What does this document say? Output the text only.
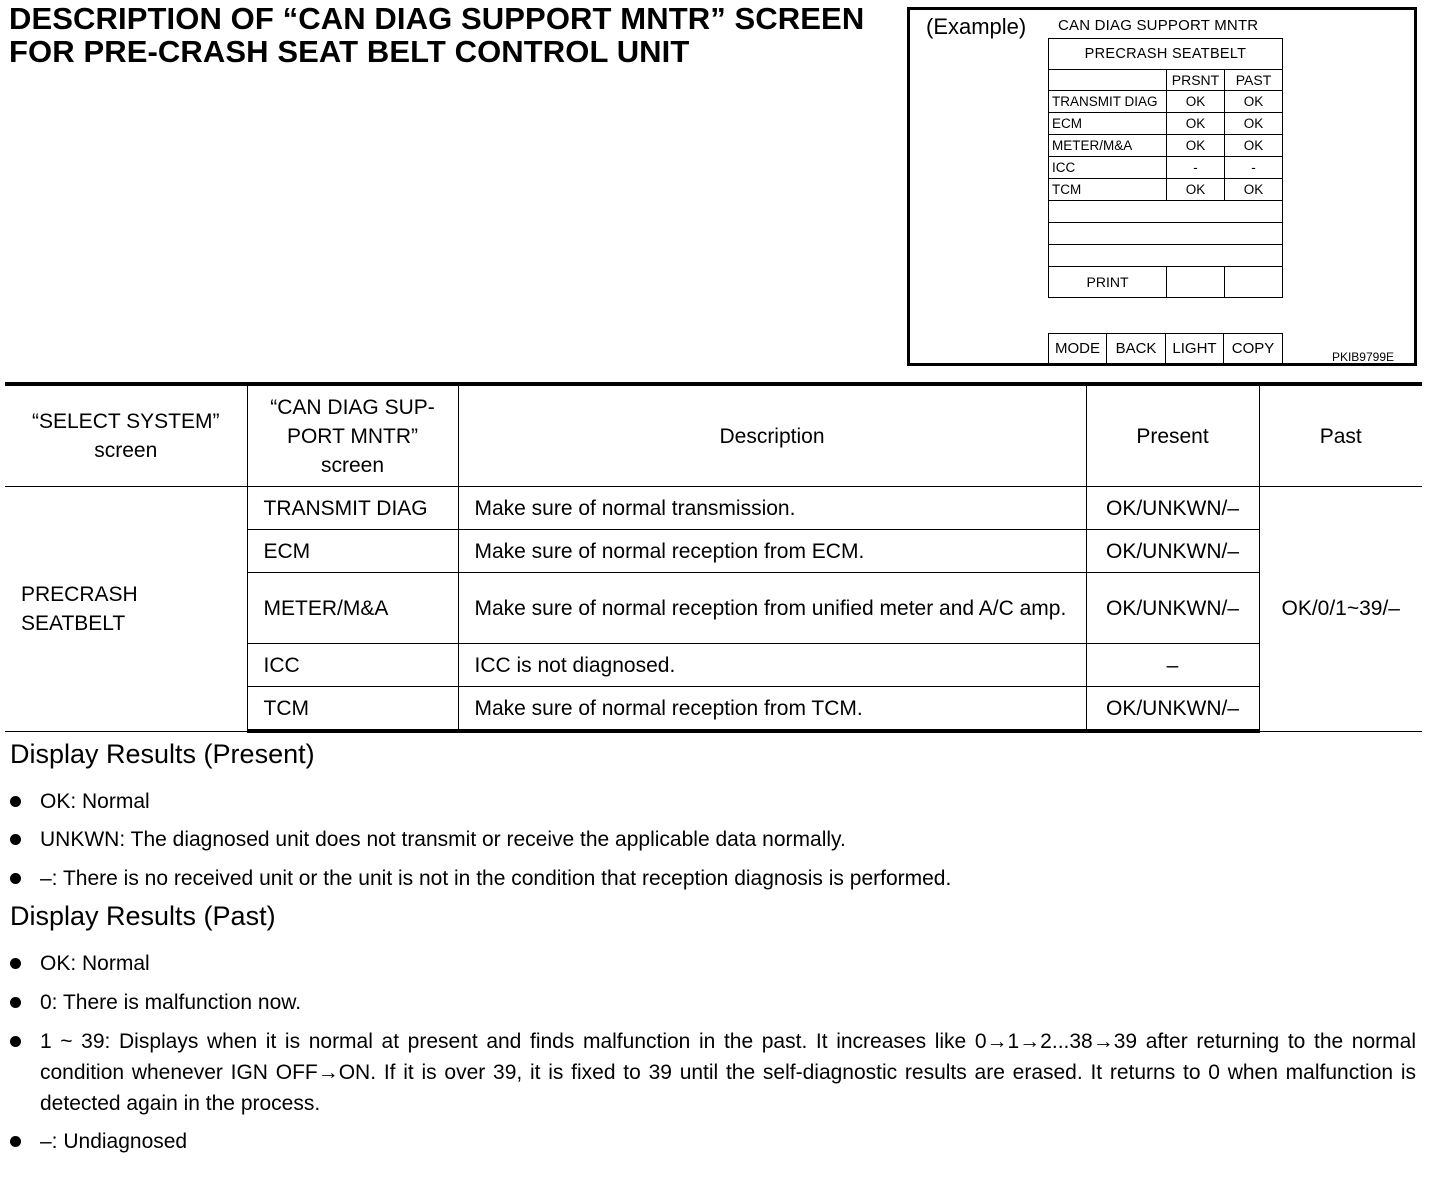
DESCRIPTION OF “CAN DIAG SUPPORT MNTR” SCREEN
FOR PRE-CRASH SEAT BELT CONTROL UNIT
(Example) CAN DIAG SUPPORT MNTR
PRECRASH SEATBELT		
	PRSNT	PAST
TRANSMIT DIAG	OK	OK
ECM	OK	OK
METER/M&A	OK	OK
ICC	-	-
TCM	OK	OK

PRINT		
MODE	BACK	LIGHT	COPY
PKIB9799E
“SELECT SYSTEM” screen	“CAN DIAG SUP-PORT MNTR” screen	Description	Present	Past
PRECRASH SEATBELT	TRANSMIT DIAG	Make sure of normal transmission.	OK/UNKWN/–	OK/0/1~39/–
	ECM	Make sure of normal reception from ECM.	OK/UNKWN/–	
	METER/M&A	Make sure of normal reception from unified meter and A/C amp.	OK/UNKWN/–	
	ICC	ICC is not diagnosed.	–	
	TCM	Make sure of normal reception from TCM.	OK/UNKWN/–	
Display Results (Present)
OK: Normal
UNKWN: The diagnosed unit does not transmit or receive the applicable data normally.
–: There is no received unit or the unit is not in the condition that reception diagnosis is performed.
Display Results (Past)
OK: Normal
0: There is malfunction now.
1 ~ 39: Displays when it is normal at present and finds malfunction in the past. It increases like 0→1→2...38→39 after returning to the normal condition whenever IGN OFF→ON. If it is over 39, it is fixed to 39 until the self-diagnostic results are erased. It returns to 0 when malfunction is detected again in the process.
–: Undiagnosed
